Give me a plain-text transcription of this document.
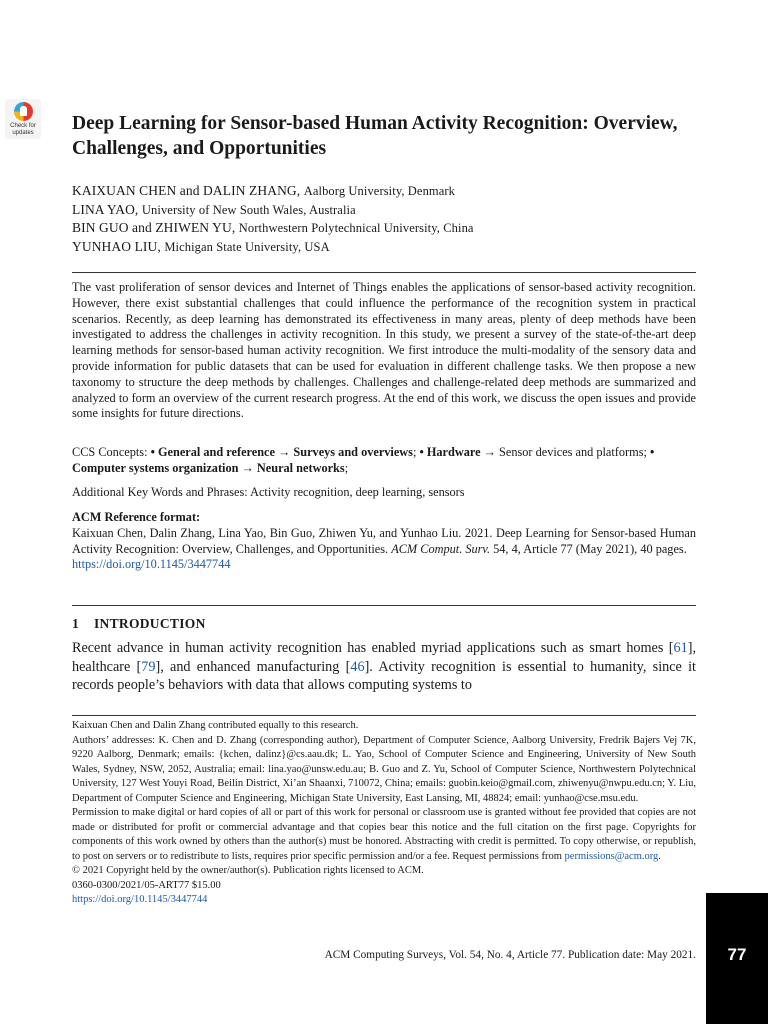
Check for
updates	Deep Learning for Sensor-based Human Activity Recognition: Overview, Challenges, and Opportunities
KAIXUAN CHEN and DALIN ZHANG, Aalborg University, Denmark
LINA YAO, University of New South Wales, Australia
BIN GUO and ZHIWEN YU, Northwestern Polytechnical University, China
YUNHAO LIU, Michigan State University, USA
The vast proliferation of sensor devices and Internet of Things enables the applications of sensor-based activity recognition. However, there exist substantial challenges that could influence the performance of the recognition system in practical scenarios. Recently, as deep learning has demonstrated its effectiveness in many areas, plenty of deep methods have been investigated to address the challenges in activity recognition. In this study, we present a survey of the state-of-the-art deep learning methods for sensor-based human activity recognition. We first introduce the multi-modality of the sensory data and provide information for public datasets that can be used for evaluation in different challenge tasks. We then propose a new taxonomy to structure the deep methods by challenges. Challenges and challenge-related deep methods are summarized and analyzed to form an overview of the current research progress. At the end of this work, we discuss the open issues and provide some insights for future directions.
CCS Concepts: • General and reference → Surveys and overviews; • Hardware → Sensor devices and platforms; • Computer systems organization → Neural networks;
Additional Key Words and Phrases: Activity recognition, deep learning, sensors
ACM Reference format:
Kaixuan Chen, Dalin Zhang, Lina Yao, Bin Guo, Zhiwen Yu, and Yunhao Liu. 2021. Deep Learning for Sensor-based Human Activity Recognition: Overview, Challenges, and Opportunities. ACM Comput. Surv. 54, 4, Article 77 (May 2021), 40 pages.
https://doi.org/10.1145/3447744
1 INTRODUCTION
Recent advance in human activity recognition has enabled myriad applications such as smart homes [61], healthcare [79], and enhanced manufacturing [46]. Activity recognition is essential to humanity, since it records people’s behaviors with data that allows computing systems to

Kaixuan Chen and Dalin Zhang contributed equally to this research.

Authors’ addresses: K. Chen and D. Zhang (corresponding author), Department of Computer Science, Aalborg University, Fredrik Bajers Vej 7K, 9220 Aalborg, Denmark; emails: {kchen, dalinz}@cs.aau.dk; L. Yao, School of Computer Science and Engineering, University of New South Wales, Sydney, NSW, 2052, Australia; email: lina.yao@unsw.edu.au; B. Guo and Z. Yu, School of Computer Science, Northwestern Polytechnical University, 127 West Youyi Road, Beilin District, Xi’an Shaanxi, 710072, China; emails: guobin.keio@gmail.com, zhiwenyu@nwpu.edu.cn; Y. Liu, Department of Computer Science and Engineering, Michigan State University, East Lansing, MI, 48824; email: yunhao@cse.msu.edu.

Permission to make digital or hard copies of all or part of this work for personal or classroom use is granted without fee provided that copies are not made or distributed for profit or commercial advantage and that copies bear this notice and the full citation on the first page. Copyrights for components of this work owned by others than the author(s) must be honored. Abstracting with credit is permitted. To copy otherwise, or republish, to post on servers or to redistribute to lists, requires prior specific permission and/or a fee. Request permissions from permissions@acm.org.

© 2021 Copyright held by the owner/author(s). Publication rights licensed to ACM.

0360-0300/2021/05-ART77 $15.00

https://doi.org/10.1145/3447744

ACM Computing Surveys, Vol. 54, No. 4, Article 77. Publication date: May 2021.	77
